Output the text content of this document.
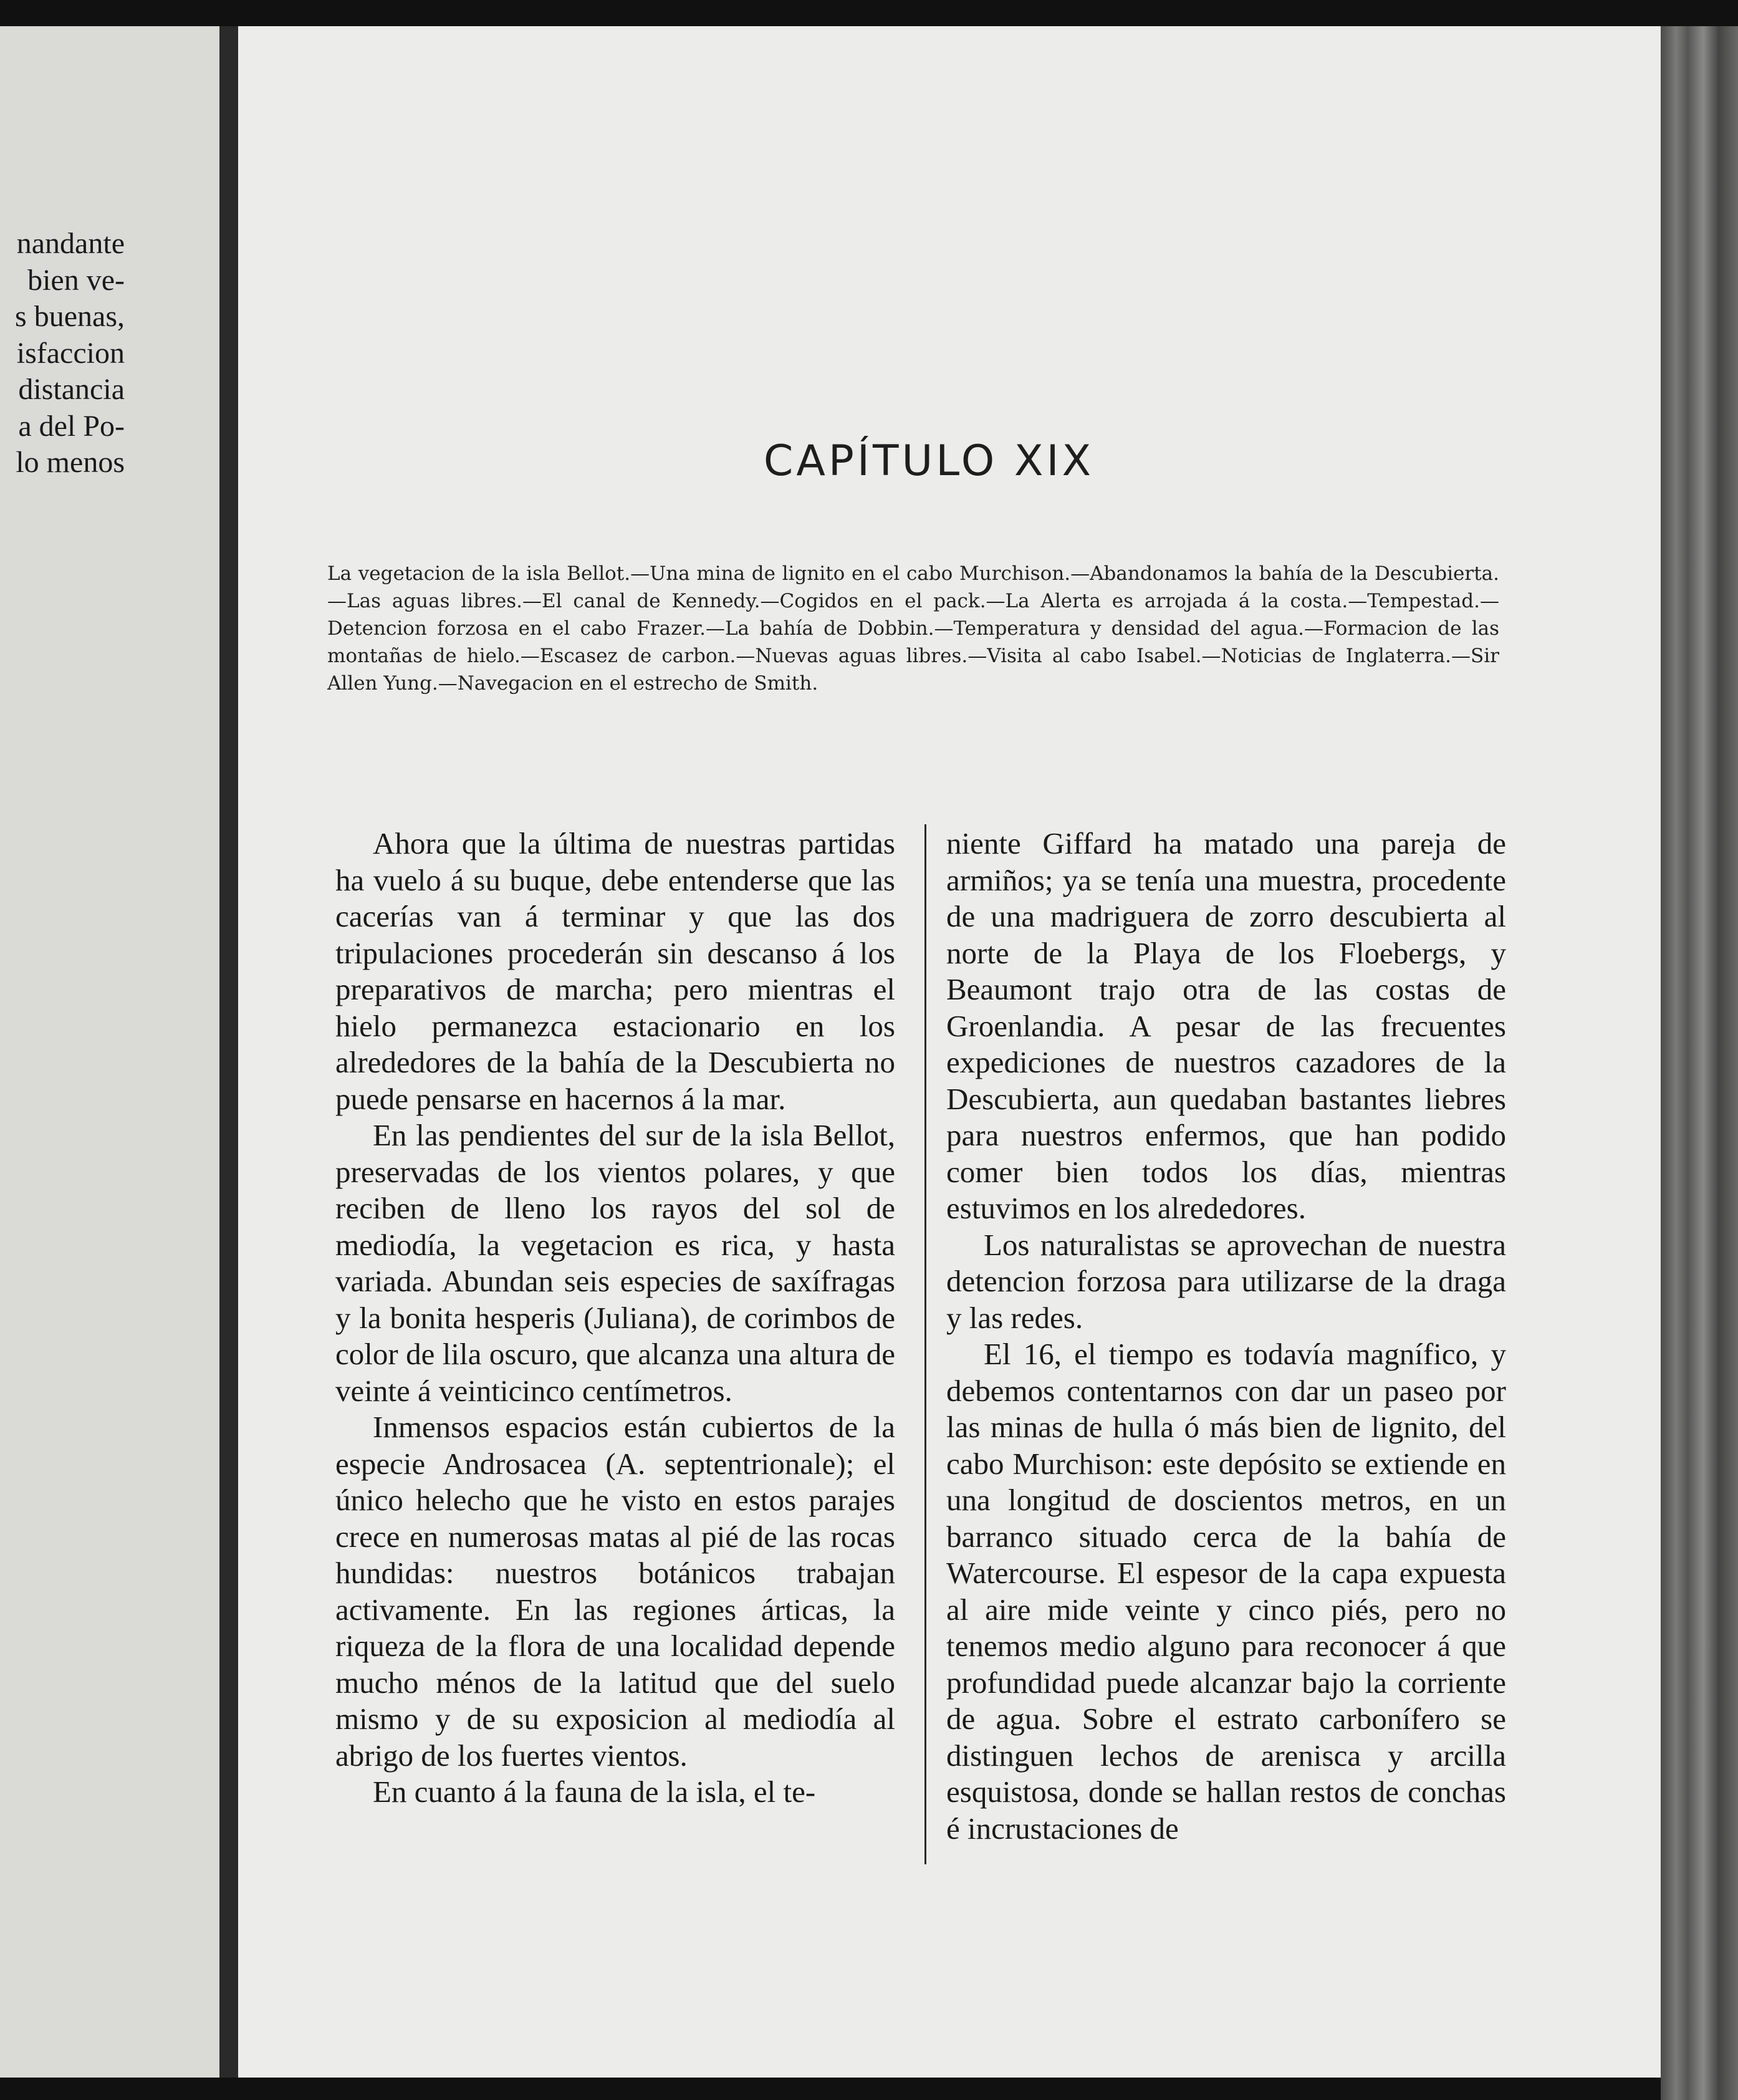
nandante
bien ve-
s buenas,
isfaccion
distancia
a del Po-
lo menos	CAPÍTULO XIX
La vegetacion de la isla Bellot.—Una mina de lignito en el cabo Murchison.—Abandonamos la bahía de la Descubierta.—Las aguas libres.—El canal de Kennedy.—Cogidos en el pack.—La Alerta es arrojada á la costa.—Tempestad.—Detencion forzosa en el cabo Frazer.—La bahía de Dobbin.—Temperatura y densidad del agua.—Formacion de las montañas de hielo.—Escasez de carbon.—Nuevas aguas libres.—Visita al cabo Isabel.—Noticias de Inglaterra.—Sir Allen Yung.—Navegacion en el estrecho de Smith.

Ahora que la última de nuestras partidas ha vuelo á su buque, debe entenderse que las cacerías van á terminar y que las dos tripulaciones procederán sin descanso á los preparativos de marcha; pero mientras el hielo permanezca estacionario en los alrededores de la bahía de la Descubierta no puede pensarse en hacernos á la mar.

En las pendientes del sur de la isla Bellot, preservadas de los vientos polares, y que reciben de lleno los rayos del sol de mediodía, la vegetacion es rica, y hasta variada. Abundan seis especies de saxífragas y la bonita hesperis (Juliana), de corimbos de color de lila oscuro, que alcanza una altura de veinte á veinticinco centímetros.

Inmensos espacios están cubiertos de la especie Androsacea (A. septentrionale); el único helecho que he visto en estos parajes crece en numerosas matas al pié de las rocas hundidas: nuestros botánicos trabajan activamente. En las regiones árticas, la riqueza de la flora de una localidad depende mucho ménos de la latitud que del suelo mismo y de su exposicion al mediodía al abrigo de los fuertes vientos.

En cuanto á la fauna de la isla, el te-

niente Giffard ha matado una pareja de armiños; ya se tenía una muestra, procedente de una madriguera de zorro descubierta al norte de la Playa de los Floebergs, y Beaumont trajo otra de las costas de Groenlandia. A pesar de las frecuentes expediciones de nuestros cazadores de la Descubierta, aun quedaban bastantes liebres para nuestros enfermos, que han podido comer bien todos los días, mientras estuvimos en los alrededores.

Los naturalistas se aprovechan de nuestra detencion forzosa para utilizarse de la draga y las redes.

El 16, el tiempo es todavía magnífico, y debemos contentarnos con dar un paseo por las minas de hulla ó más bien de lignito, del cabo Murchison: este depósito se extiende en una longitud de doscientos metros, en un barranco situado cerca de la bahía de Watercourse. El espesor de la capa expuesta al aire mide veinte y cinco piés, pero no tenemos medio alguno para reconocer á que profundidad puede alcanzar bajo la corriente de agua. Sobre el estrato carbonífero se distinguen lechos de arenisca y arcilla esquistosa, donde se hallan restos de conchas é incrustaciones de
